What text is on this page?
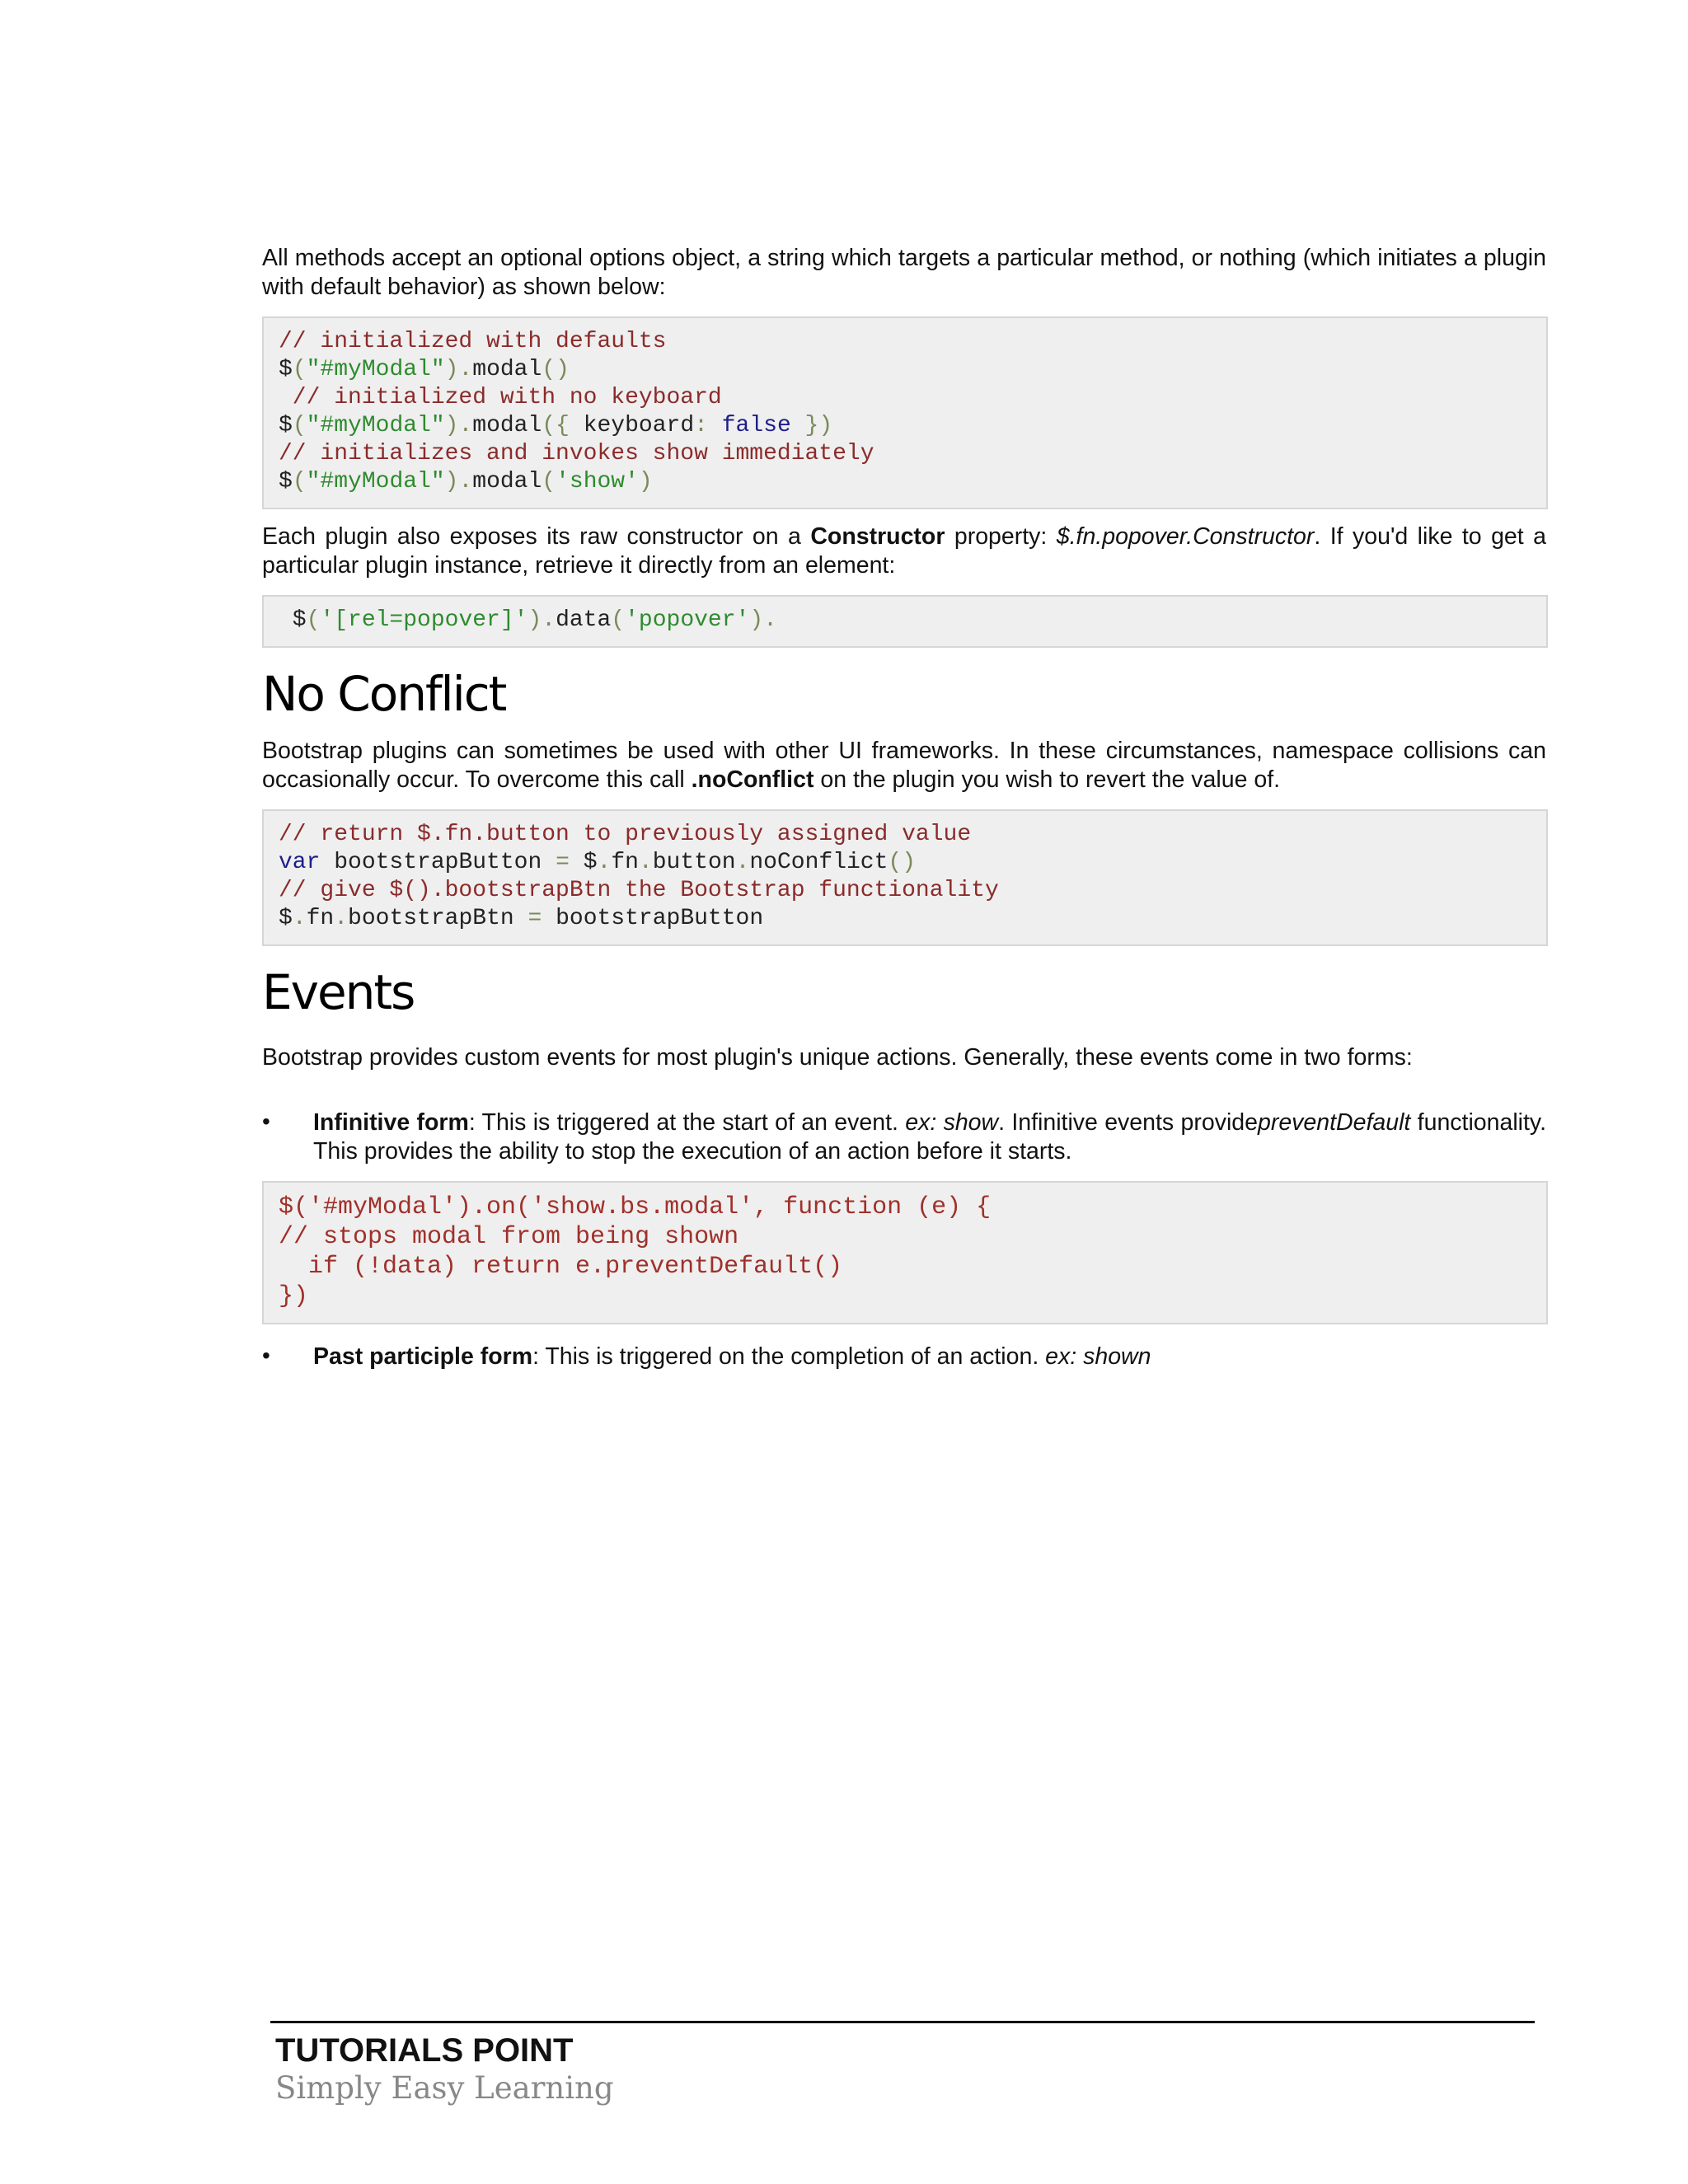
All methods accept an optional options object, a string which targets a particular method, or nothing (which initiates a plugin with default behavior) as shown below:

// initialized with defaults
$("#myModal").modal()
// initialized with no keyboard
$("#myModal").modal({ keyboard: false })
// initializes and invokes show immediately
$("#myModal").modal('show')

Each plugin also exposes its raw constructor on a Constructor property: $.fn.popover.Constructor. If you'd like to get a particular plugin instance, retrieve it directly from an element:

$('[rel=popover]').data('popover').
No Conflict

Bootstrap plugins can sometimes be used with other UI frameworks. In these circumstances, namespace collisions can occasionally occur. To overcome this call .noConflict on the plugin you wish to revert the value of.

// return $.fn.button to previously assigned value
var bootstrapButton = $.fn.button.noConflict()
// give $().bootstrapBtn the Bootstrap functionality
$.fn.bootstrapBtn = bootstrapButton
Events

Bootstrap provides custom events for most plugin's unique actions. Generally, these events come in two forms:

• Infinitive form: This is triggered at the start of an event. ex: show. Infinitive events providepreventDefault functionality. This provides the ability to stop the execution of an action before it starts.

$('#myModal').on('show.bs.modal', function (e) {
// stops modal from being shown
if (!data) return e.preventDefault()
})
• Past participle form: This is triggered on the completion of an action. ex: shown

TUTORIALS POINT
Simply Easy Learning
